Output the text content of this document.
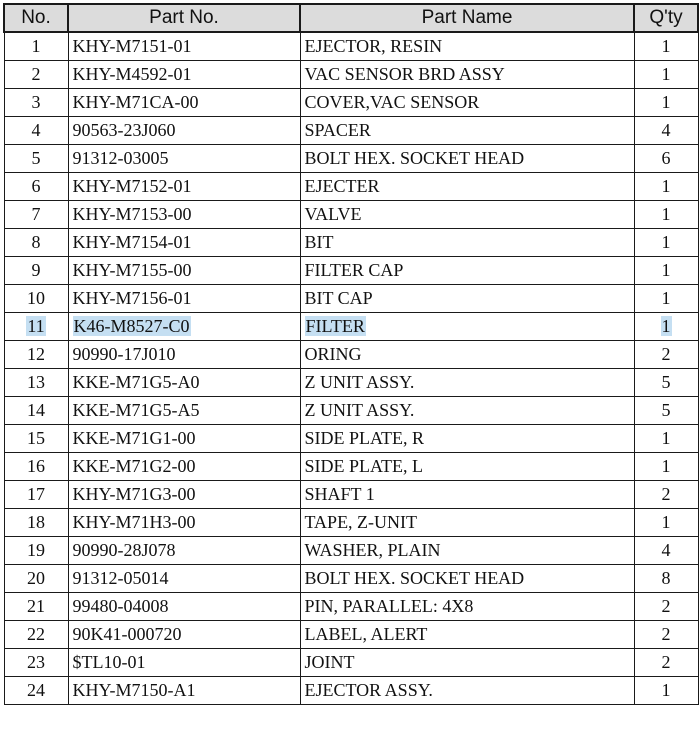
No.	Part No.	Part Name	Q'ty
1	KHY-M7151-01	EJECTOR, RESIN	1
2	KHY-M4592-01	VAC SENSOR BRD ASSY	1
3	KHY-M71CA-00	COVER,VAC SENSOR	1
4	90563-23J060	SPACER	4
5	91312-03005	BOLT HEX. SOCKET HEAD	6
6	KHY-M7152-01	EJECTER	1
7	KHY-M7153-00	VALVE	1
8	KHY-M7154-01	BIT	1
9	KHY-M7155-00	FILTER CAP	1
10	KHY-M7156-01	BIT CAP	1
11	K46-M8527-C0	FILTER	1
12	90990-17J010	ORING	2
13	KKE-M71G5-A0	Z UNIT ASSY.	5
14	KKE-M71G5-A5	Z UNIT ASSY.	5
15	KKE-M71G1-00	SIDE PLATE, R	1
16	KKE-M71G2-00	SIDE PLATE, L	1
17	KHY-M71G3-00	SHAFT 1	2
18	KHY-M71H3-00	TAPE, Z-UNIT	1
19	90990-28J078	WASHER, PLAIN	4
20	91312-05014	BOLT HEX. SOCKET HEAD	8
21	99480-04008	PIN, PARALLEL: 4X8	2
22	90K41-000720	LABEL, ALERT	2
23	$TL10-01	JOINT	2
24	KHY-M7150-A1	EJECTOR ASSY.	1
